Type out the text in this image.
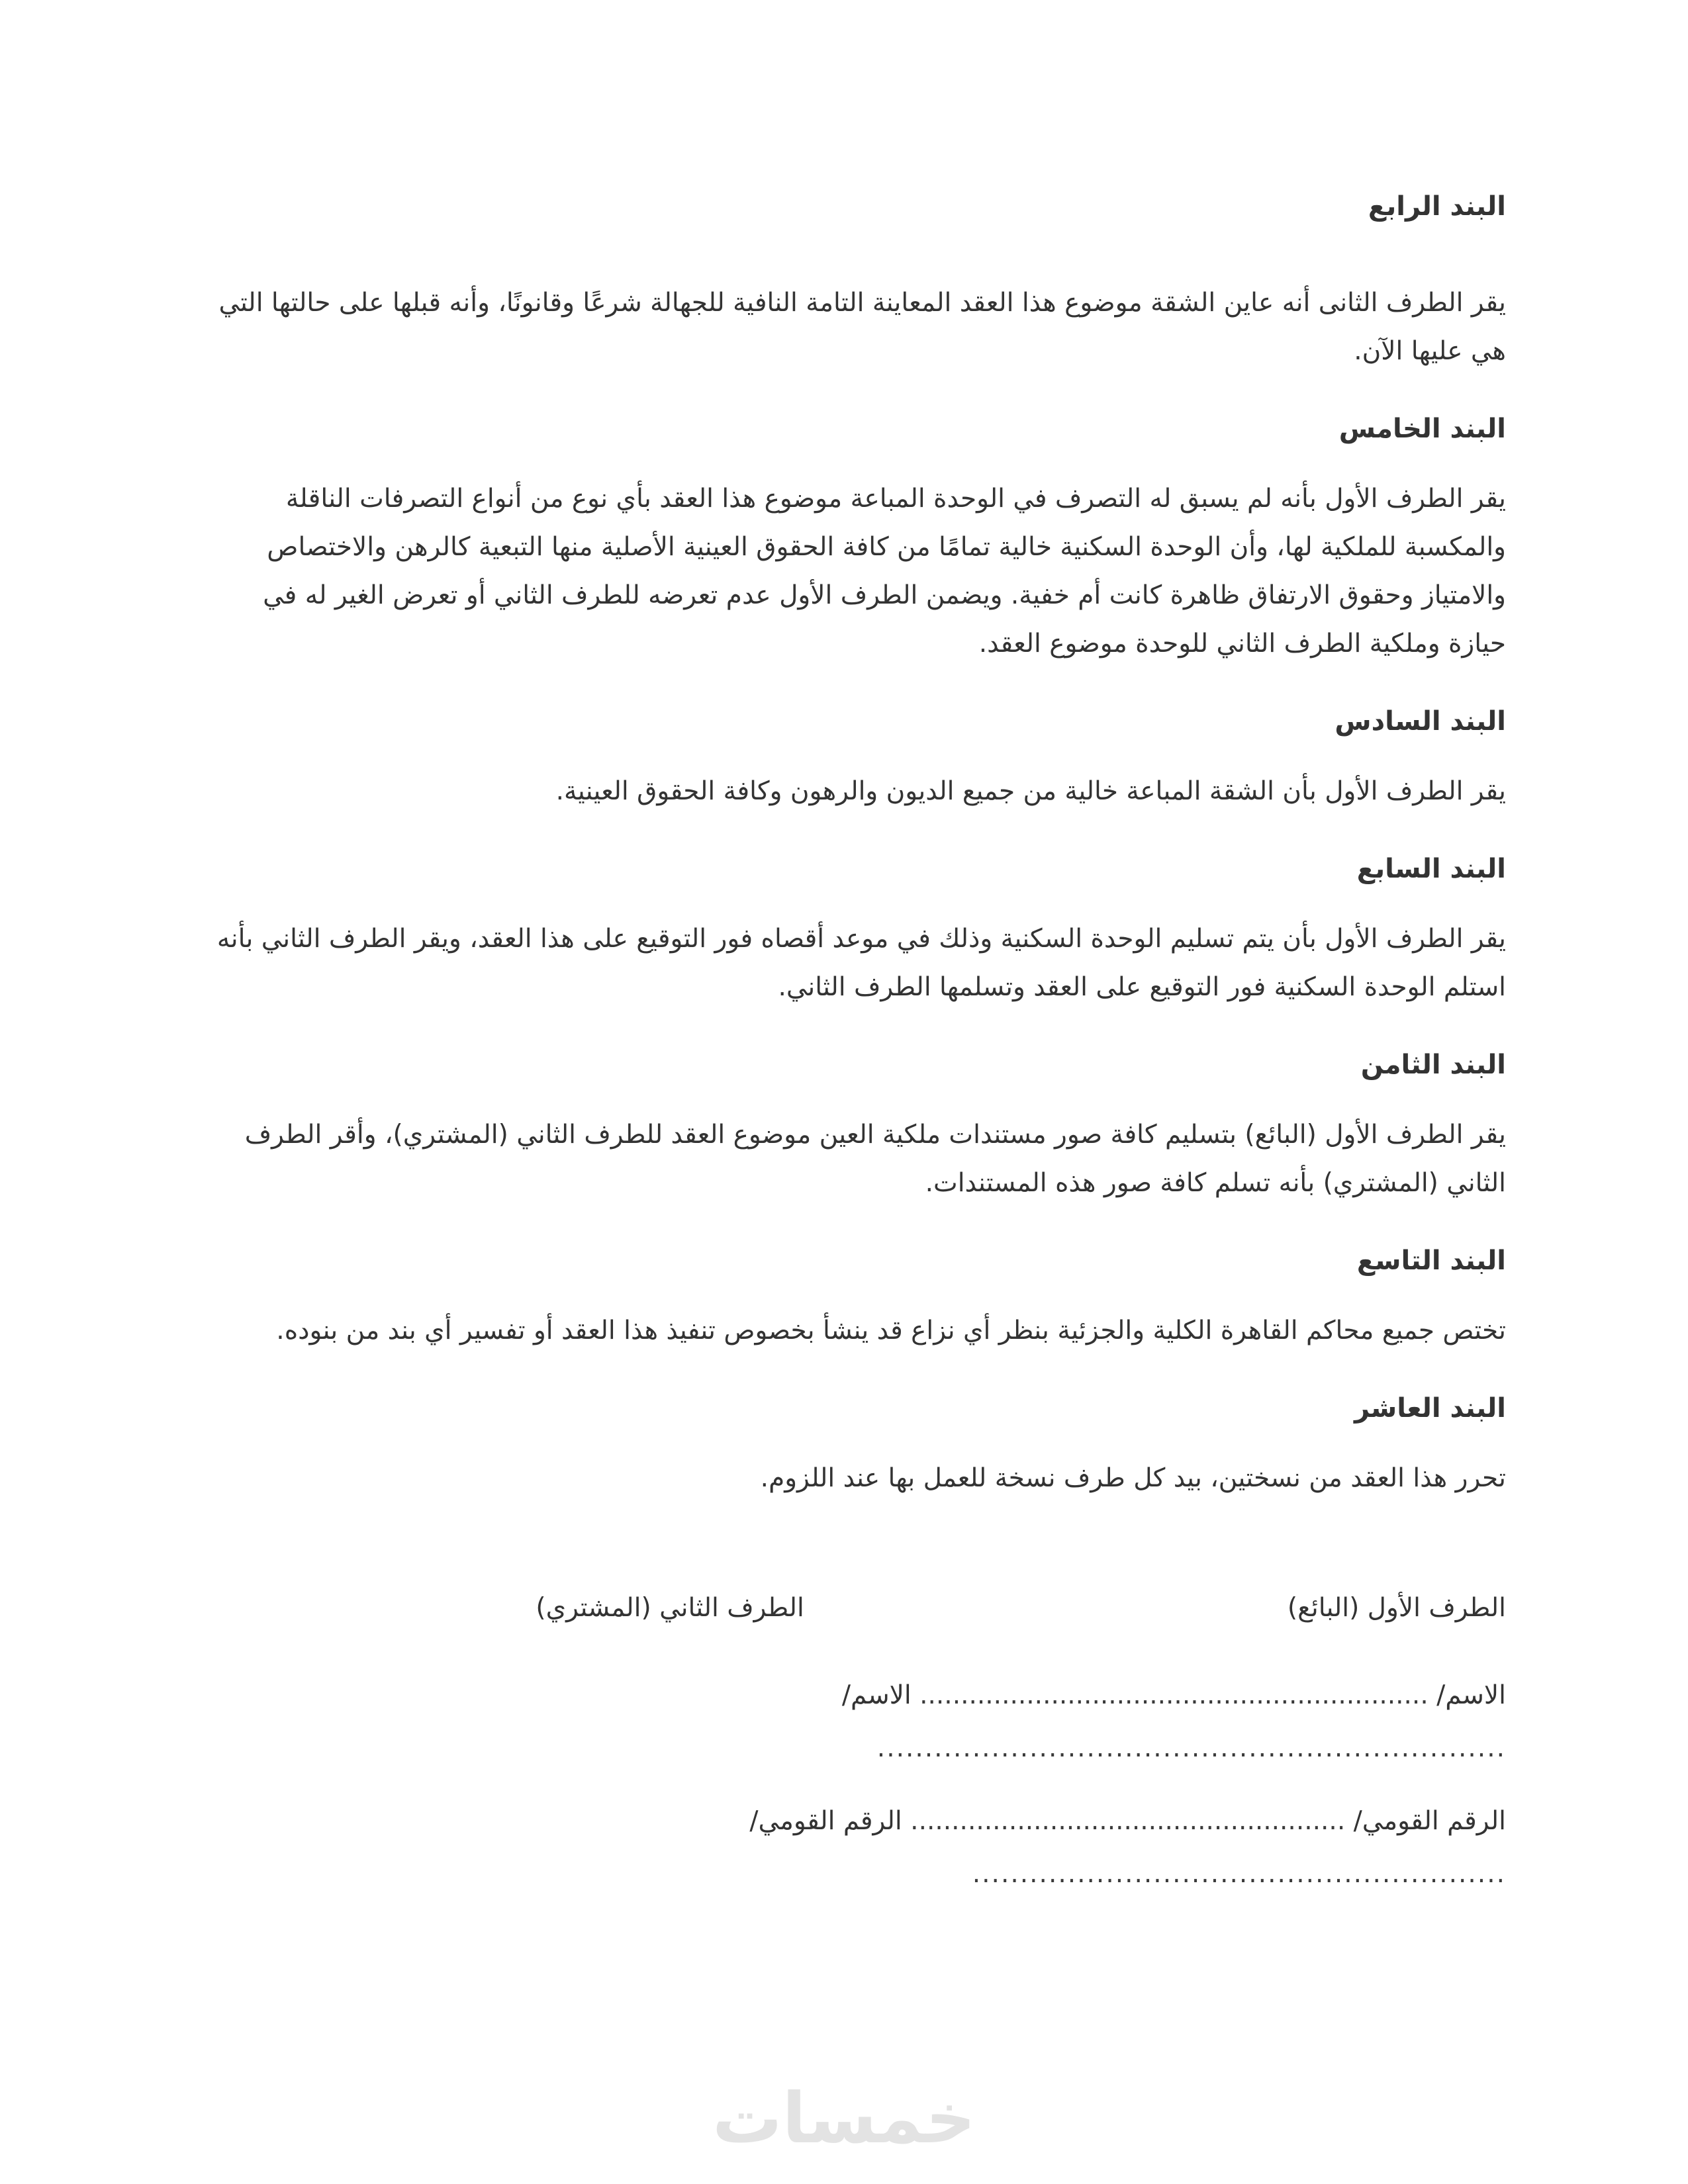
البند الرابع

يقر الطرف الثانى أنه عاين الشقة موضوع هذا العقد المعاينة التامة النافية للجهالة شرعًا وقانونًا، وأنه قبلها على حالتها التي هي عليها الآن.

البند الخامس

يقر الطرف الأول بأنه لم يسبق له التصرف في الوحدة المباعة موضوع هذا العقد بأي نوع من أنواع التصرفات الناقلة والمكسبة للملكية لها، وأن الوحدة السكنية خالية تمامًا من كافة الحقوق العينية الأصلية منها التبعية كالرهن والاختصاص والامتياز وحقوق الارتفاق ظاهرة كانت أم خفية. ويضمن الطرف الأول عدم تعرضه للطرف الثاني أو تعرض الغير له في حيازة وملكية الطرف الثاني للوحدة موضوع العقد.

البند السادس

يقر الطرف الأول بأن الشقة المباعة خالية من جميع الديون والرهون وكافة الحقوق العينية.

البند السابع

يقر الطرف الأول بأن يتم تسليم الوحدة السكنية وذلك في موعد أقصاه فور التوقيع على هذا العقد، ويقر الطرف الثاني بأنه استلم الوحدة السكنية فور التوقيع على العقد وتسلمها الطرف الثاني.

البند الثامن

يقر الطرف الأول (البائع) بتسليم كافة صور مستندات ملكية العين موضوع العقد للطرف الثاني (المشتري)، وأقر الطرف الثاني (المشتري) بأنه تسلم كافة صور هذه المستندات.

البند التاسع

تختص جميع محاكم القاهرة الكلية والجزئية بنظر أي نزاع قد ينشأ بخصوص تنفيذ هذا العقد أو تفسير أي بند من بنوده.

البند العاشر

تحرر هذا العقد من نسختين، بيد كل طرف نسخة للعمل بها عند اللزوم.

الطرف الأول (البائع)
الطرف الثاني (المشتري)
الاسم/ .............................................................. الاسم/
..................................................................
الرقم القومي/ ..................................................... الرقم القومي/
........................................................
خمسات
